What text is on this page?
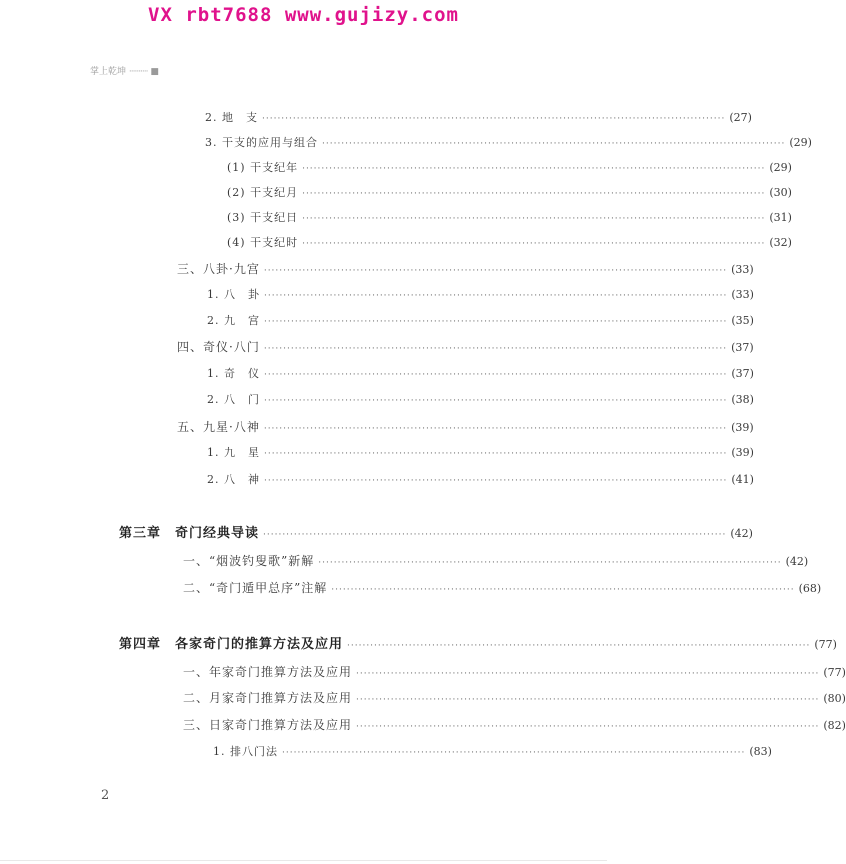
VX rbt7688 www.gujizy.com
掌上乾坤 ·········· ■
2. 地　支 ························································································································ (27)
3. 干支的应用与组合 ························································································································ (29)
(1) 干支纪年 ························································································································ (29)
(2) 干支纪月 ························································································································ (30)
(3) 干支纪日 ························································································································ (31)
(4) 干支纪时 ························································································································ (32)
三、八卦·九宫 ························································································································ (33)
1. 八　卦 ························································································································ (33)
2. 九　宫 ························································································································ (35)
四、奇仪·八门 ························································································································ (37)
1. 奇　仪 ························································································································ (37)
2. 八　门 ························································································································ (38)
五、九星·八神 ························································································································ (39)
1. 九　星 ························································································································ (39)
2. 八　神 ························································································································ (41)
第三章　奇门经典导读 ························································································································ (42)
一、“烟波钓叟歌”新解 ························································································································ (42)
二、“奇门遁甲总序”注解 ························································································································ (68)
第四章　各家奇门的推算方法及应用 ························································································································ (77)
一、年家奇门推算方法及应用 ························································································································ (77)
二、月家奇门推算方法及应用 ························································································································ (80)
三、日家奇门推算方法及应用 ························································································································ (82)
1. 排八门法 ························································································································ (83)
2
